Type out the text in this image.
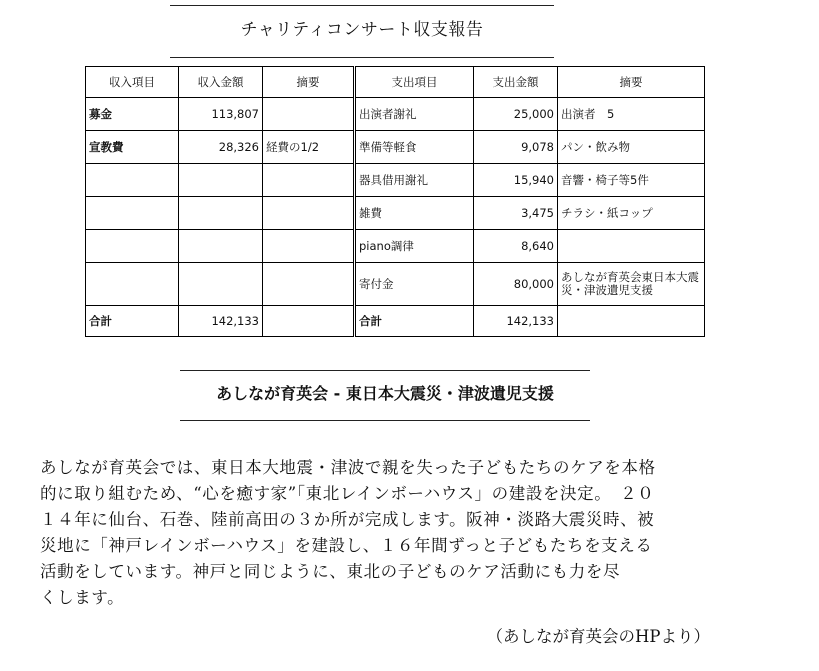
チャリティコンサート収支報告
収入項目	収入金額	摘要	支出項目	支出金額	摘要
募金	113,807		出演者謝礼	25,000	出演者　5
宣教費	28,326	経費の1/2	準備等軽食	9,078	パン・飲み物
			器具借用謝礼	15,940	音響・椅子等5件
			雑費	3,475	チラシ・紙コップ
			piano調律	8,640	
			寄付金	80,000	あしなが育英会東日本大震災・津波遺児支援
合計	142,133		合計	142,133	
あしなが育英会 - 東日本大震災・津波遺児支援

あしなが育英会では、東日本大地震・津波で親を失った子どもたちのケアを本格

的に取り組むため、“心を癒す家”「東北レインボーハウス」の建設を決定。　２０

１４年に仙台、石巻、陸前高田の３か所が完成します。阪神・淡路大震災時、被

災地に「神戸レインボーハウス」を建設し、１６年間ずっと子どもたちを支える

活動をしています。神戸と同じように、東北の子どものケア活動にも力を尽

くします。

（あしなが育英会のHPより）
